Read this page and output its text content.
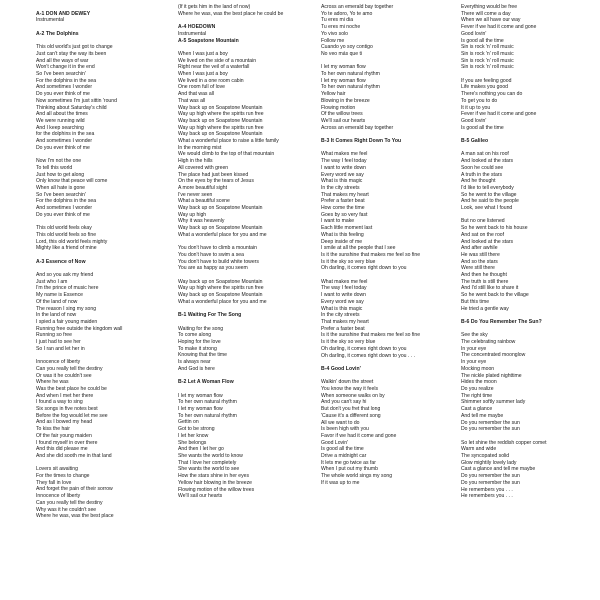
A-1 DON AND DEWEY
Instrumental
A-2 The Dolphins
This old world's just got to change
Just can't stay the way its been
And all the ways of war
Won't change it in the end
So I've been searchin'
For the dolphins in the sea
And sometimes I wonder
Do you ever think of me
Now sometimes I'm just sittin 'round
Thinking about Saturday's child
And all about the times
We were running wild
And I keep searching
for the dolphins in the sea
And sometimes I wonder
Do you ever think of me
Now I'm not the one
To tell this world
Just how to get along
Only know that peace will come
When all hate is gone
So I've been searchin'
For the dolphins in the sea
And sometimes I wonder
Do you ever think of me
This old world feels okay
This old world feels so fine
Lord, this old world feels mighty
Mighty like a friend of mine
A-3 Essence of Now
And so you ask my friend
Just who I am
I'm the prince of music here
My name is Essence
Of the land of now
The reason I sing my song
In the land of now
I spied a fair young maiden
Running free outside the kingdom wall
Running so free
I just had to see her
So I ran and let her in
Innocence of liberty
Can you really tell the destiny
Or was it he couldn't see
Where he was
Was the best place he could be
And when I met her there
I found a way to sing
Six songs in five notes best
Before the fog would let me see
And as I bowed my head
To kiss the hair
Of the fair young maiden
I found myself in over there
And this did please me
And she did sooth me in that land
Lovers sit awaiting
For the times to change
They fall in love
And forget the pain of their sorrow
Innocence of liberty
Can you really tell the destiny
Why was it he couldn't see
Where he was, was the best place
(If it gets him in the land of now)
Where he was, was the best place he could be
A-4 HOEDOWN
Instrumental
A-5 Soapstone Mountain
When I was just a boy
We lived on the side of a mountain
Right near the veil of a waterfall
When I was just a boy
We lived in a one room cabin
One room full of love
And that was all
That was all
Way back up on Soapstone Mountain
Way up high where the spirits run free
Way back up on Soapstone Mountain
Way up high where the spirits run free
Way back up on Soapstone Mountain
What a wonderful place to raise a little family
In the morning mist
We would climb to the top of that mountain
High in the hills
All covered with green
The place had just been kissed
On the eyes by the tears of Jesus
A more beautiful sight
I've never seen
What a beautiful scene
Way back up on Soapstone Mountain
Way up high
Why it was heavenly
Way back up on Soapstone Mountain
What a wonderful place for you and me
You don't have to climb a mountain
You don't have to swim a sea
You don't have to build white towers
You are as happy as you seem
Way back up on Soapstone Mountain
Way up high where the spirits run free
Way back up on Soapstone Mountain
What a wonderful place for you and me
B-1 Waiting For The Song
Waiting for the song
To come along
Hoping for the love
To make it strong
Knowing that the time
Is always near
And God is here
B-2 Let A Woman Flow
I let my woman flow
To her own natural rhythm
I let my woman flow
To her own natural rhythm
Gettin on
Got to be strong
I let her know
She belongs
And then I let her go
She wants the world to know
That I love her completely
She wants the world to see
How the stars shine in her eyes
Yellow hair blowing in the breeze
Flowing motion of the willow trees
We'll sail our hearts
Across an emerald bay together
Yo te adoro, Yo te amo
Tu eres mi dia
Tu eres mi noche
Yo vivo solo
Follow me
Cuando yo soy contigo
No veo más que ti
I let my woman flow
To her own natural rhythm
I let my woman flow
To her own natural rhythm
Yellow hair
Blowing in the breeze
Flowing motion
Of the willow trees
We'll sail our hearts
Across an emerald bay together
B-3 It Comes Right Down To You
What makes me feel
The way I feel today
I want to write down
Every word we say
What is this magic
In the city streets
That makes my heart
Prefer a faster beat
How come the time
Goes by so very fast
I want to make
Each little moment last
What is this feeling
Deep inside of me
I smile at all the people that I see
Is it the sunshine that makes me feel so fine
Is it the sky so very blue
Oh darling, it comes right down to you
What makes me feel
The way I feel today
I want to write down
Every word we say
What is this magic
In the city streets
That makes my heart
Prefer a faster beat
Is it the sunshine that makes me feel so fine
Is it the sky so very blue
Oh darling, it comes right down to you
Oh darling, it comes right down to you . . .
B-4 Good Lovin'
Walkin' down the street
You know the way it feels
When someone walks on by
And you can't say hi
But don't you fret that long
'Cause it's a different song
All we want to do
Is been high with you
Favor if we had it come and gone
Good Lovin'
Is good all the time
Drive a midnight car
It lets me go twice as far
When I put out my thumb
The whole world sings my song
If it was up to me
Everything would be free
There will come a day
When we all have our way
Fever if we had it come and gone
Good lovin'
Is good all the time
Sin is rock 'n' roll music
Sin is rock 'n' roll music
Sin is rock 'n' roll music
Sin is rock 'n' roll music
If you are feeling good
Life makes you good
There's nothing you can do
To get you to do
It it up to you
Fever if we had it come and gone
Good lovin'
Is good all the time
B-5 Galileo
A man sat on his roof
And looked at the stars
Soon he could see
A truth in the stars
And he thought
I'd like to tell everybody
So he went to the village
And he said to the people
Look, see what I found
But no one listened
So he went back to his house
And sat on the roof
And looked at the stars
And after awhile
He was still there
And so the stars
Were still there
And then he thought
The truth is still there
And I'd still like to share it
So he went back to the village
But this time
He tried a gentle way
B-6 Do You Remember The Sun?
See the sky
The celebrating rainbow
In your eye
The concentrated moonglow
In your eye
Mocking moon
The nickle plated nighttime
Hides the moon
Do you realize
The right time
Shimmer softly summer lady
Cast a glance
And tell me maybe
Do you remember the sun
Do you remember the sun
So let shine the reddish copper comet
Warm and wide
The syncopated solid
Glow mightily lovely lady
Cast a glance and tell me maybe
Do you remember the sun
Do you remember the sun
He remembers you . . .
He remembers you . . .
